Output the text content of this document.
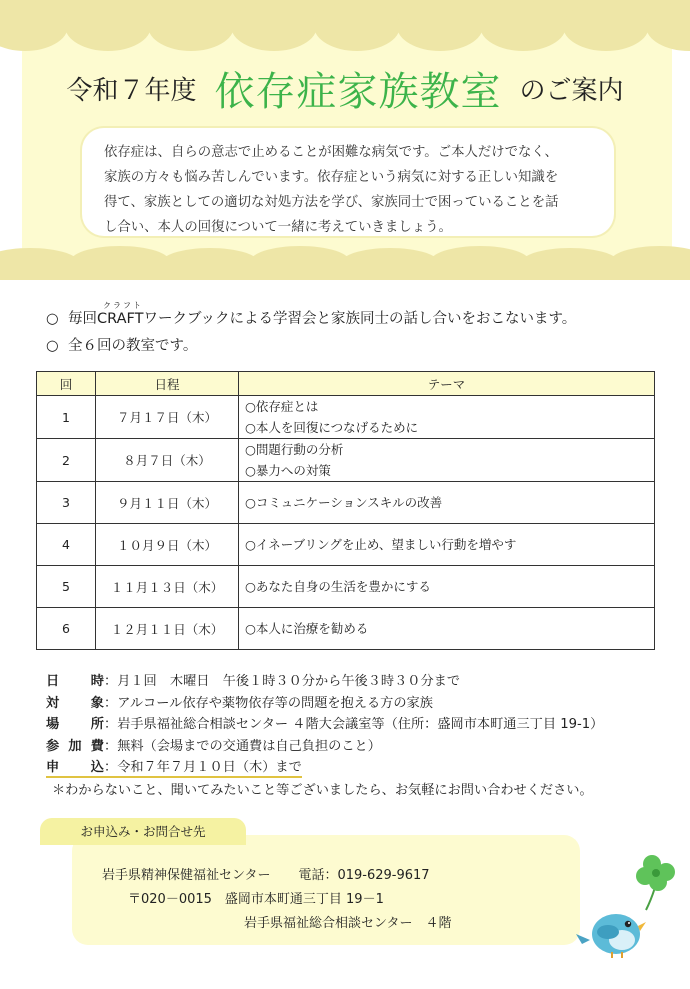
令和７年度 依存症家族教室 のご案内
依存症は、自らの意志で止めることが困難な病気です。ご本人だけでなく、
家族の方々も悩み苦しんでいます。依存症という病気に対する正しい知識を
得て、家族としての適切な対処方法を学び、家族同士で困っていることを話
し合い、本人の回復について一緒に考えていきましょう。
○ 毎回
クラフト
CRAFTワークブックによる学習会と家族同士の話し合いをおこないます。
○ 全６回の教室です。
回	日程	テーマ
1	７月１７日（木）	○依存症とは
○本人を回復につなげるために

2	８月７日（木）	○問題行動の分析
○暴力への対策

3	９月１１日（木）	○コミュニケーションスキルの改善

4	１０月９日（木）	○イネーブリングを止め、望ましい行動を増やす

5	１１月１３日（木）	○あなた自身の生活を豊かにする

6	１２月１１日（木）	○本人に治療を勧める
日時：月１回　木曜日　午後１時３０分から午後３時３０分まで
対象：アルコール依存や薬物依存等の問題を抱える方の家族
場所：岩手県福祉総合相談センター ４階大会議室等（住所：盛岡市本町通三丁目 19-1）
参加費：無料（会場までの交通費は自己負担のこと）
申込：令和７年７月１０日（木）まで
＊わからないこと、聞いてみたいこと等ございましたら、お気軽にお問い合わせください。
お申込み・お問合せ先
岩手県精神保健福祉センター 電話：019-629-9617
〒020－0015　盛岡市本町通三丁目 19－1
岩手県福祉総合相談センター　４階
